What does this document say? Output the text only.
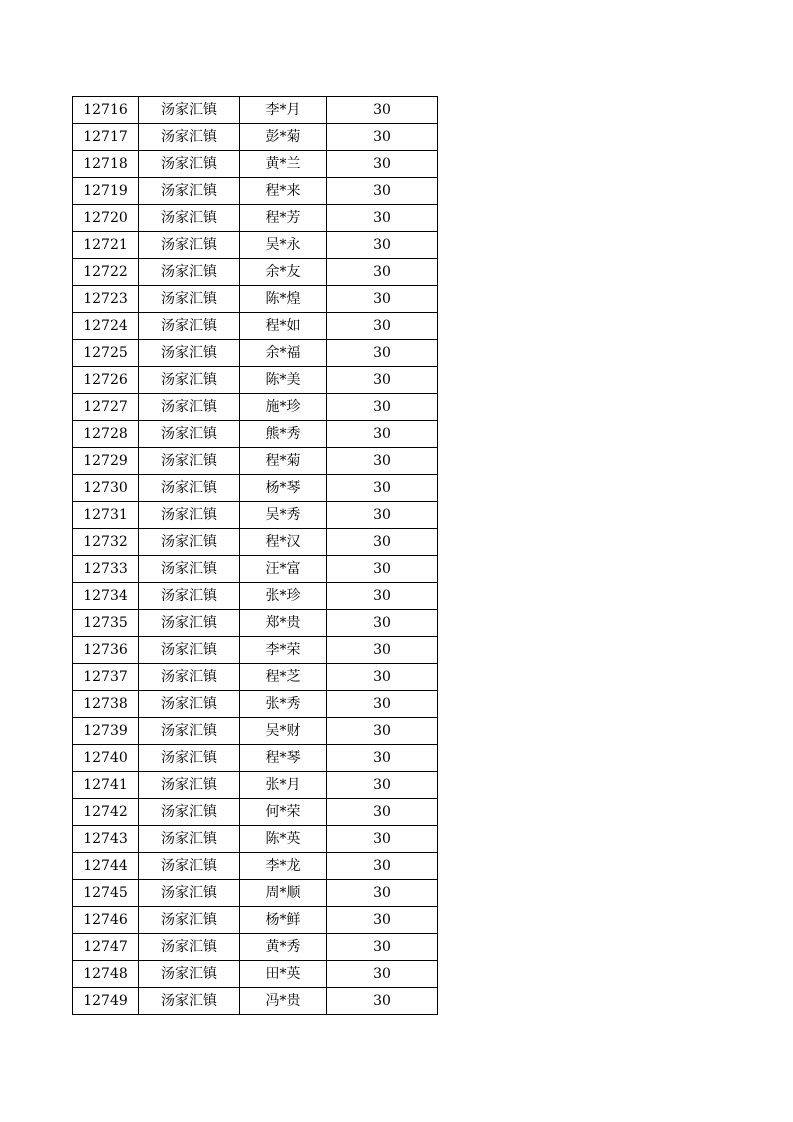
12716	汤家汇镇	李*月	30
12717	汤家汇镇	彭*菊	30
12718	汤家汇镇	黄*兰	30
12719	汤家汇镇	程*来	30
12720	汤家汇镇	程*芳	30
12721	汤家汇镇	吴*永	30
12722	汤家汇镇	余*友	30
12723	汤家汇镇	陈*煌	30
12724	汤家汇镇	程*如	30
12725	汤家汇镇	余*福	30
12726	汤家汇镇	陈*美	30
12727	汤家汇镇	施*珍	30
12728	汤家汇镇	熊*秀	30
12729	汤家汇镇	程*菊	30
12730	汤家汇镇	杨*琴	30
12731	汤家汇镇	吴*秀	30
12732	汤家汇镇	程*汉	30
12733	汤家汇镇	汪*富	30
12734	汤家汇镇	张*珍	30
12735	汤家汇镇	郑*贵	30
12736	汤家汇镇	李*荣	30
12737	汤家汇镇	程*芝	30
12738	汤家汇镇	张*秀	30
12739	汤家汇镇	吴*财	30
12740	汤家汇镇	程*琴	30
12741	汤家汇镇	张*月	30
12742	汤家汇镇	何*荣	30
12743	汤家汇镇	陈*英	30
12744	汤家汇镇	李*龙	30
12745	汤家汇镇	周*顺	30
12746	汤家汇镇	杨*鲜	30
12747	汤家汇镇	黄*秀	30
12748	汤家汇镇	田*英	30
12749	汤家汇镇	冯*贵	30
